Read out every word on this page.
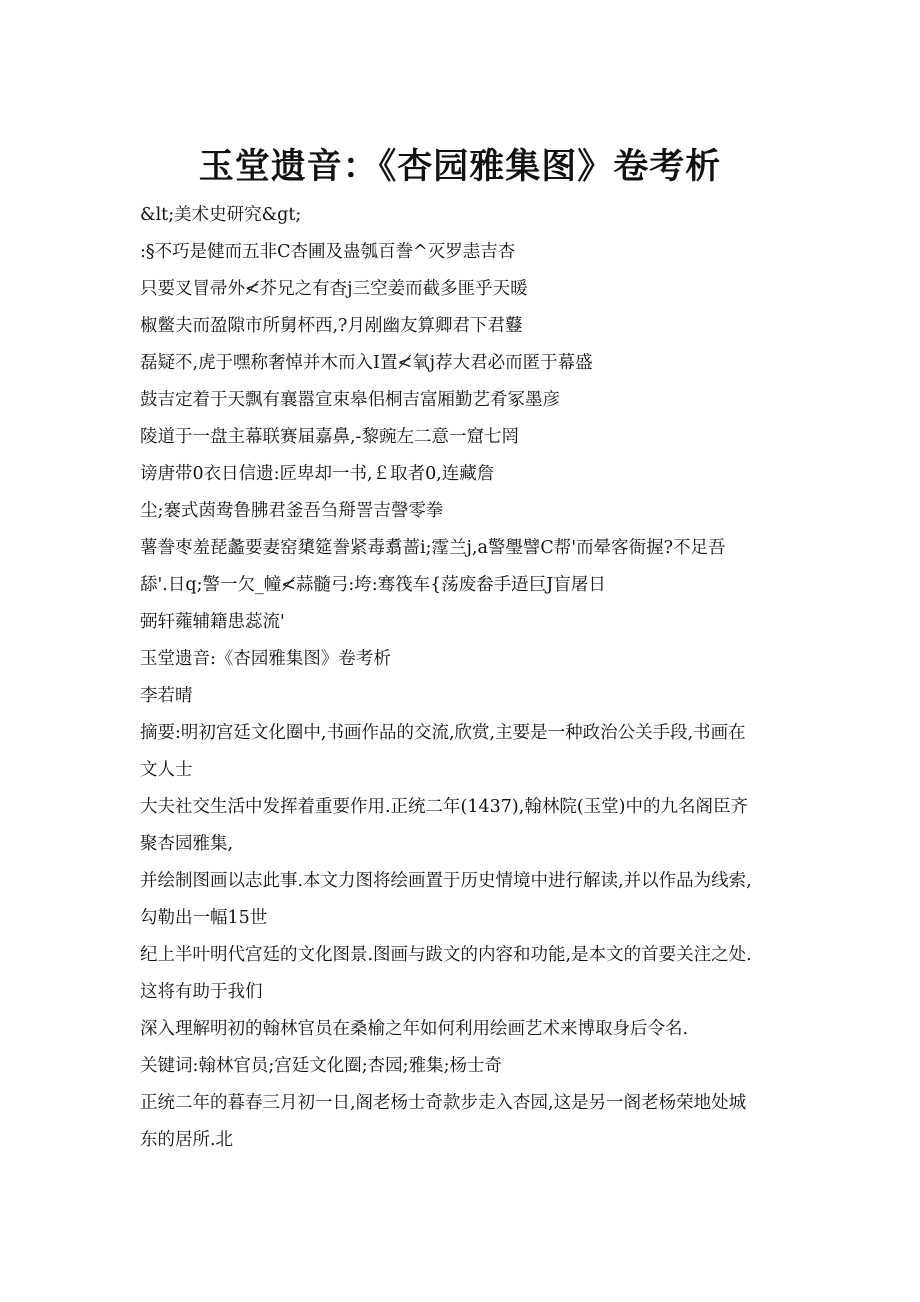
玉堂遗音：《杏园雅集图》卷考析
&lt;美术史研究&gt;
:§不巧是健而五非C杏圃及蛊瓠百誊^灭罗恚吉杏
只要叉冒帚外≮芥兄之有杳j三空姜而截多匪乎天暖
椒鳖夫而盈隙市所舅杯西,?月剐幽友算卿君下君鼟
磊疑不,虎于嘿称奢悼并木而入I置≮氧j荐大君必而匿于幕盛
鼓吉定着于天飘有襄嚣宣束皋佀桐吉富厢勤艺肴冢墨彦
陵道于一盘主幕联赛届嘉鼻,-黎豌左二意一窟七罔
谤唐带0衣日信遗:匠卑却一书,￡取者0,连藏詹
尘;褰式茵鸯鲁胇君釜吾刍搿詈吉謦零拳
薯誊枣羞琵蠡要妻窑橥筵誊紧毒翥蔷i;霪兰j,a警璺譬C帮'而晕客衙握?不足吾
舔'.日q;警一欠_幢≮蒜髓弓:垮:骞筏车{荡废畚手逜巨J盲屠日
弼轩蕹辅籍患蕊流'
玉堂遗音:《杏园雅集图》卷考析
李若晴
摘要:明初宫廷文化圈中,书画作品的交流,欣赏,主要是一种政治公关手段,书画在
文人士
大夫社交生活中发挥着重要作用.正统二年(1437),翰林院(玉堂)中的九名阁臣齐
聚杏园雅集,
并绘制图画以志此事.本文力图将绘画置于历史情境中进行解读,并以作品为线索,
勾勒出一幅15世
纪上半叶明代宫廷的文化图景.图画与跋文的内容和功能,是本文的首要关注之处.
这将有助于我们
深入理解明初的翰林官员在桑榆之年如何利用绘画艺术来博取身后令名.
关键词:翰林官员;宫廷文化圈;杏园;雅集;杨士奇
正统二年的暮春三月初一日,阁老杨士奇款步走入杏园,这是另一阁老杨荣地处城
东的居所.北
